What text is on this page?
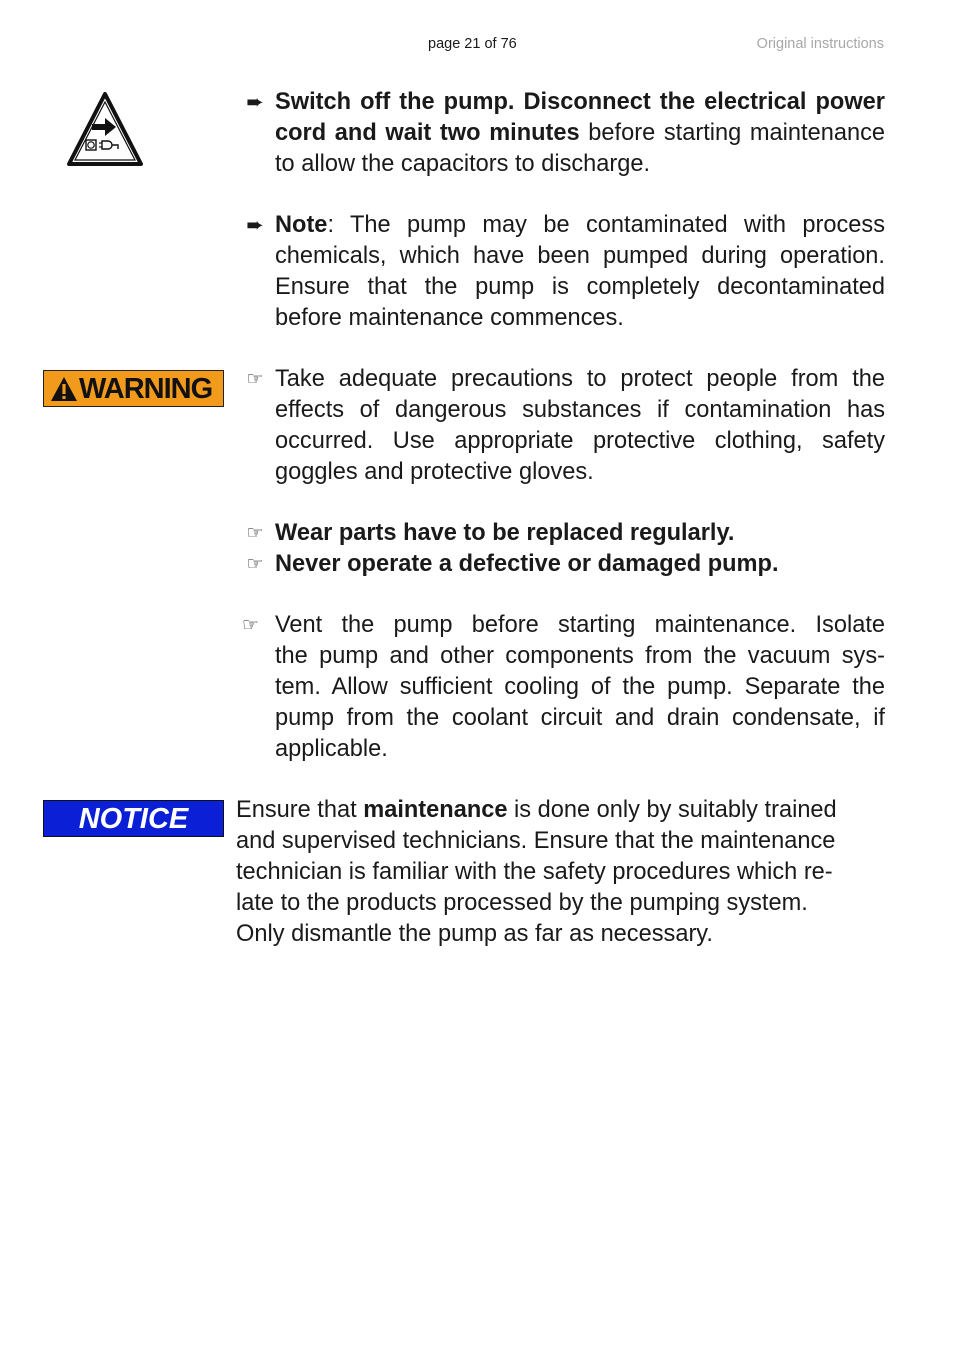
page 21 of 76	Original instructions
➨ Switch off the pump. Disconnect the electrical power cord and wait two minutes before starting maintenance to allow the capacitors to discharge.
➨ Note: The pump may be contaminated with process chemicals, which have been pumped during operation. Ensure that the pump is completely decontaminated before maintenance commences.
WARNING ☞ Take adequate precautions to protect people from the effects of dangerous substances if contamination has occurred. Use appropriate protective clothing, safety goggles and protective gloves.
☞ Wear parts have to be replaced regularly.
☞ Never operate a defective or damaged pump.
☞ Vent the pump before starting maintenance. Isolate
the pump and other components from the vacuum sys-
tem. Allow sufficient cooling of the pump. Separate the
pump from the coolant circuit and drain condensate, if
applicable.
NOTICE Ensure that maintenance is done only by suitably trained
and supervised technicians. Ensure that the maintenance
technician is familiar with the safety procedures which re-
late to the products processed by the pumping system.
Only dismantle the pump as far as necessary.
